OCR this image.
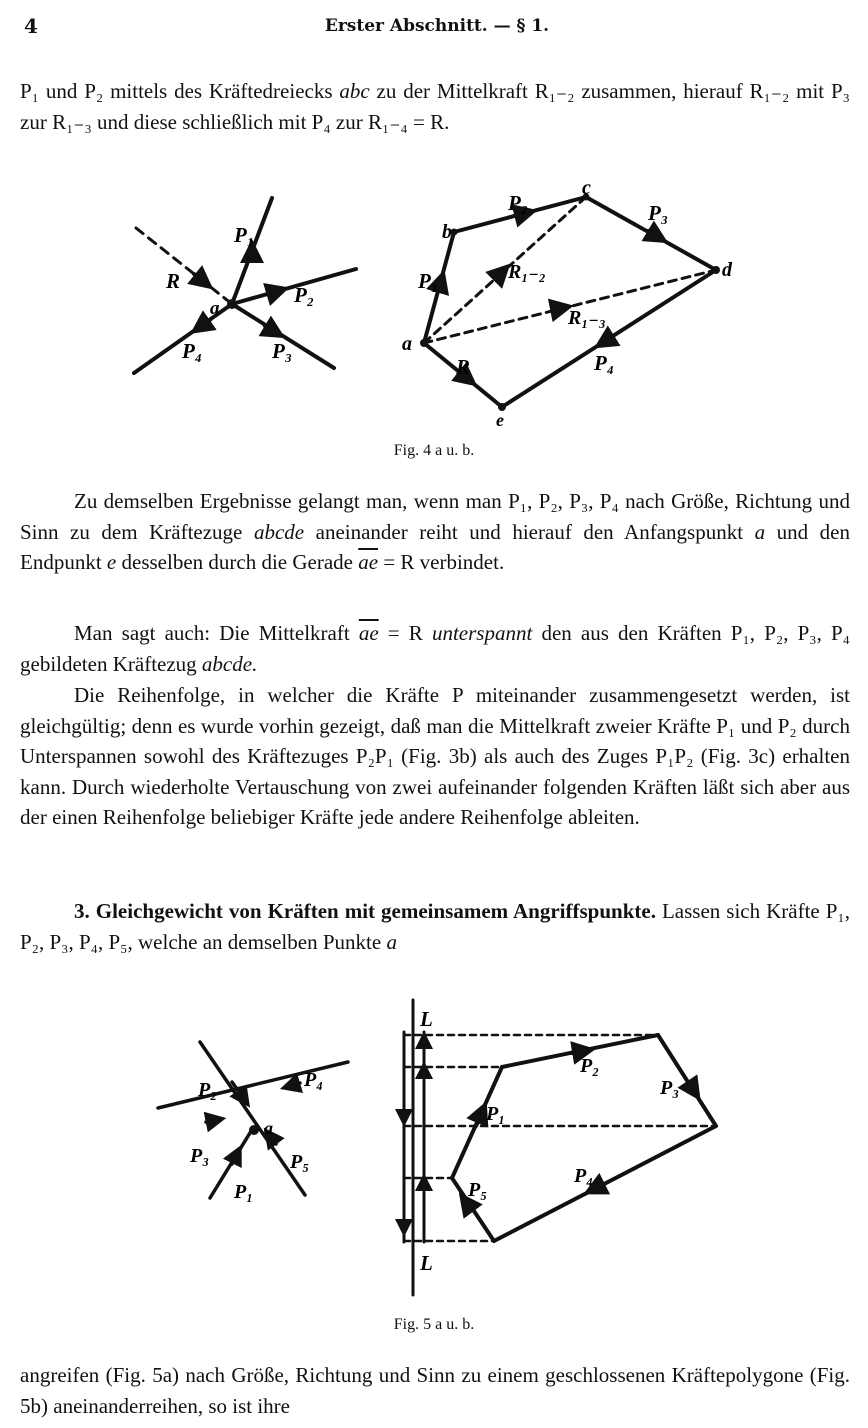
4	Erster Abschnitt. — § 1.
P₁ und P₂ mittels des Kräftedreiecks abc zu der Mittelkraft R₁₋₂ zusammen, hierauf R₁₋₂ mit P₃ zur R₁₋₃ und diese schließlich mit P₄ zur R₁₋₄ = R.
P₁
P₂
P₃
P₄
R
a
a
b
c
d
e
P₁
P₂	P₃
P₄
R
R₁₋₂
R₁₋₃
Fig. 4 a u. b.
Zu demselben Ergebnisse gelangt man, wenn man P₁, P₂, P₃, P₄ nach Größe, Richtung und Sinn zu dem Kräftezuge abcde aneinander reiht und hierauf den Anfangspunkt a und den Endpunkt e desselben durch die Gerade $\overline{ae} = R$ verbindet.
Man sagt auch: Die Mittelkraft $\overline{ae} = R$ unterspannt den aus den Kräften P₁, P₂, P₃, P₄ gebildeten Kräftezug abcde.
Die Reihenfolge, in welcher die Kräfte P miteinander zusammengesetzt werden, ist gleichgültig; denn es wurde vorhin gezeigt, daß man die Mittelkraft zweier Kräfte P₁ und P₂ durch Unterspannen sowohl des Kräftezuges P₂P₁ (Fig. 3b) als auch des Zuges P₁P₂ (Fig. 3c) erhalten kann. Durch wiederholte Vertauschung von zwei aufeinander folgenden Kräften läßt sich aber aus der einen Reihenfolge beliebiger Kräfte jede andere Reihenfolge ableiten.
3. Gleichgewicht von Kräften mit gemeinsamem Angriffspunkte. Lassen sich Kräfte P₁, P₂, P₃, P₄, P₅, welche an demselben Punkte a
P₂	P₄
P₃	P₅
P₁
a
L
L
P₂
P₃
P₁
P₄
P₅
Fig. 5 a u. b.
angreifen (Fig. 5a) nach Größe, Richtung und Sinn zu einem geschlossenen Kräftepolygone (Fig. 5b) aneinanderreihen, so ist ihre
